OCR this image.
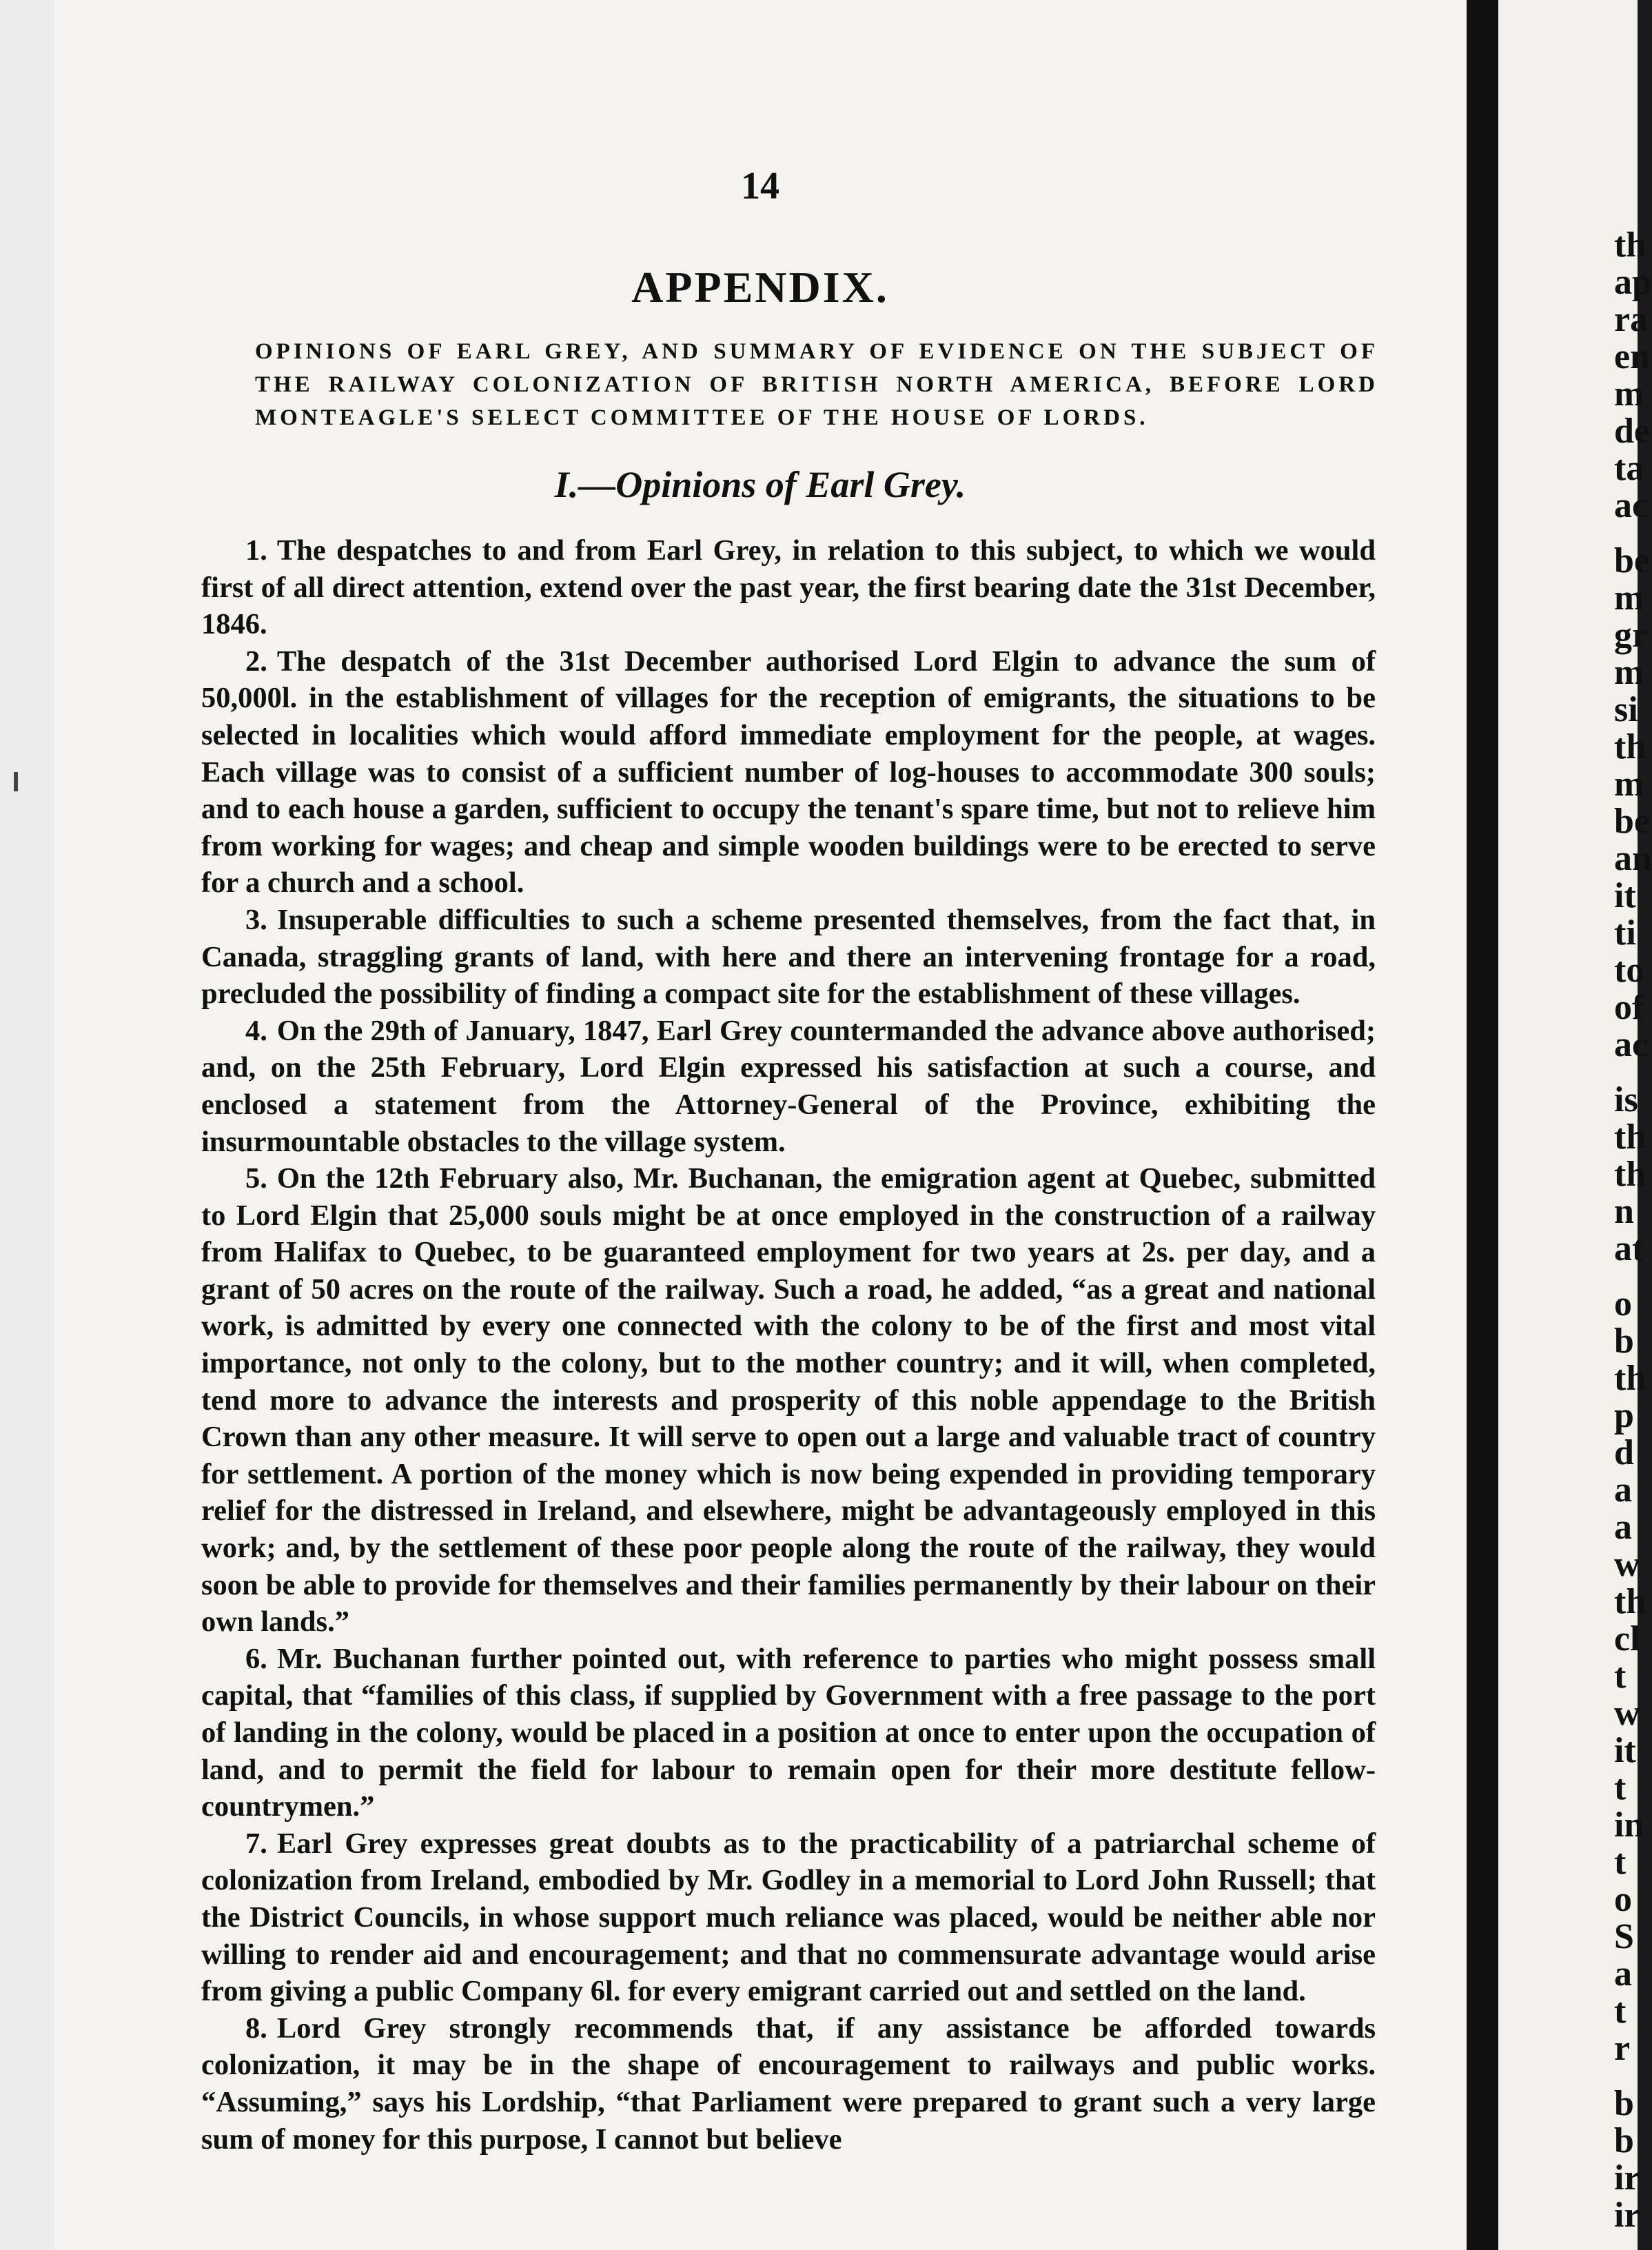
14
APPENDIX.
OPINIONS OF EARL GREY, AND SUMMARY OF EVIDENCE ON THE SUBJECT OF
THE RAILWAY COLONIZATION OF BRITISH NORTH AMERICA, BEFORE LORD
MONTEAGLE'S SELECT COMMITTEE OF THE HOUSE OF LORDS.
I.—Opinions of Earl Grey.

1. The despatches to and from Earl Grey, in relation to this subject, to which we would first of all direct attention, extend over the past year, the first bearing date the 31st December, 1846.

2. The despatch of the 31st December authorised Lord Elgin to advance the sum of 50,000l. in the establishment of villages for the reception of emigrants, the situations to be selected in localities which would afford immediate employment for the people, at wages. Each village was to consist of a sufficient number of log-houses to accommodate 300 souls; and to each house a garden, sufficient to occupy the tenant's spare time, but not to relieve him from working for wages; and cheap and simple wooden buildings were to be erected to serve for a church and a school.

3. Insuperable difficulties to such a scheme presented themselves, from the fact that, in Canada, straggling grants of land, with here and there an intervening frontage for a road, precluded the possibility of finding a compact site for the establishment of these villages.

4. On the 29th of January, 1847, Earl Grey countermanded the advance above authorised; and, on the 25th February, Lord Elgin expressed his satisfaction at such a course, and enclosed a statement from the Attorney-General of the Province, exhibiting the insurmountable obstacles to the village system.

5. On the 12th February also, Mr. Buchanan, the emigration agent at Quebec, submitted to Lord Elgin that 25,000 souls might be at once employed in the construction of a railway from Halifax to Quebec, to be guaranteed employment for two years at 2s. per day, and a grant of 50 acres on the route of the railway. Such a road, he added, “as a great and national work, is admitted by every one connected with the colony to be of the first and most vital importance, not only to the colony, but to the mother country; and it will, when completed, tend more to advance the interests and prosperity of this noble appendage to the British Crown than any other measure. It will serve to open out a large and valuable tract of country for settlement. A portion of the money which is now being expended in providing temporary relief for the distressed in Ireland, and elsewhere, might be advantageously employed in this work; and, by the settlement of these poor people along the route of the railway, they would soon be able to provide for themselves and their families permanently by their labour on their own lands.”

6. Mr. Buchanan further pointed out, with reference to parties who might possess small capital, that “families of this class, if supplied by Government with a free passage to the port of landing in the colony, would be placed in a position at once to enter upon the occupation of land, and to permit the field for labour to remain open for their more destitute fellow-countrymen.”

7. Earl Grey expresses great doubts as to the practicability of a patriarchal scheme of colonization from Ireland, embodied by Mr. Godley in a memorial to Lord John Russell; that the District Councils, in whose support much reliance was placed, would be neither able nor willing to render aid and encouragement; and that no commensurate advantage would arise from giving a public Company 6l. for every emigrant carried out and settled on the land.

8. Lord Grey strongly recommends that, if any assistance be afforded towards colonization, it may be in the shape of encouragement to railways and public works. “Assuming,” says his Lordship, “that Parliament were prepared to grant such a very large sum of money for this purpose, I cannot but believe

th
ap
ra
en
m
de
ta
ac
be
m
gr
m
si
th
m
be
an
it
ti
to
of
ac
is
th
th
n
at
o
b
th
p
d
a
a
w
th
cl
t
w
it
t
in
t
o
S
a
t
r
b
b
ir
ir
